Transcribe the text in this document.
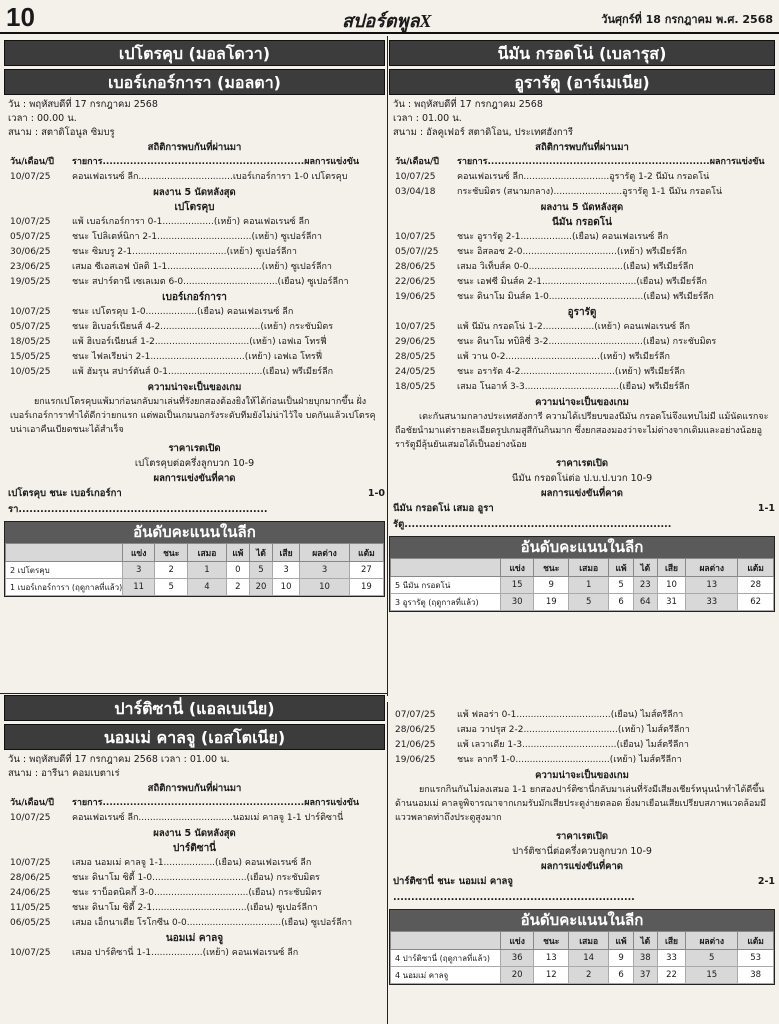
10	สปอร์ตพูลX	วันศุกร์ที่ 18 กรกฎาคม พ.ศ. 2568
เปโตรคุบ (มอลโดวา)
เบอร์เกอร์การา (มอลตา)
วัน : พฤหัสบดีที่ 17 กรกฎาคม 2568
เวลา : 00.00 น.
สนาม : สตาดิโอนูล ซิมบรู
สถิติการพบกันที่ผ่านมา
วัน/เดือน/ปี	รายการ...........................................................ผลการแข่งขัน
10/07/25	คอนเฟอเรนซ์ ลีก.................................เบอร์เกอร์การา 1-0 เปโตรคุบ
ผลงาน 5 นัดหลังสุด
เปโตรคุบ
10/07/25	แพ้ เบอร์เกอร์การา 0-1..................(เหย้า) คอนเฟอเรนซ์ ลีก
05/07/25	ชนะ โปลิเตห์นิกา 2-1.................................(เหย้า) ซูเปอร์ลีกา
30/06/25	ชนะ ซิมบรู 2-1.................................(เหย้า) ซูเปอร์ลีกา
23/06/25	เสมอ ซีเอสเอฟ บัลติ 1-1.................................(เหย้า) ซูเปอร์ลีกา
19/05/25	ชนะ สปาร์ตานี เซเลเมต 6-0.................................(เยือน) ซูเปอร์ลีกา
เบอร์เกอร์การา
10/07/25	ชนะ เปโตรคุบ 1-0..................(เยือน) คอนเฟอเรนซ์ ลีก
05/07/25	ชนะ ฮิเบอร์เนียนส์ 4-2...................................(เหย้า) กระชับมิตร
18/05/25	แพ้ ฮิเบอร์เนียนส์ 1-2.................................(เหย้า) เอฟเอ โทรฟี่
15/05/25	ชนะ ไฟลเรียน่า 2-1.................................(เหย้า) เอฟเอ โทรฟี่
10/05/25	แพ้ ฮัมรุน สปาร์ตันส์ 0-1.................................(เยือน) พรีเมียร์ลีก
ความน่าจะเป็นของเกม
ยกแรกเปโตรคุบแพ้มาก่อนกลับมาเล่นที่รังยกสองต้องยิงให้ได้ก่อนเป็นฝ่ายบุกมากขึ้น ฝั่งเบอร์เกอร์การาทำได้ดีกว่ายกแรก แต่พอเป็นเกมนอกรังระดับทีมยังไม่น่าไว้ใจ บดกันแล้วเปโตรคุบน่าเอาคืนเบียดชนะได้สำเร็จ
ราคาเรตเปิด
เปโตรคุบต่อครึ่งลูกบวก 10-9
ผลการแข่งขันที่คาด
เปโตรคุบ ชนะ เบอร์เกอร์การา.....................................................................
1-0
อันดับคะแนนในลีก
	แข่ง	ชนะ	เสมอ	แพ้	ได้	เสีย	ผลต่าง	แต้ม
2 เปโตรคุบ	3	2	1	0	5	3	3	27
1 เบอร์เกอร์การา (ฤดูกาลที่แล้ว)	11	5	4	2	20	10	10	19
นีมัน กรอดโน่ (เบลารุส)
อูรารัตู (อาร์เมเนีย)
วัน : พฤหัสบดีที่ 17 กรกฎาคม 2568
เวลา : 01.00 น.
สนาม : อัลคูเฟอร์ สตาดิโอน, ประเทศฮังการี
สถิติการพบกันที่ผ่านมา
วัน/เดือน/ปี	รายการ.................................................................ผลการแข่งขัน
10/07/25	คอนเฟอเรนซ์ ลีก..............................อูรารัตู 1-2 นีมัน กรอดโน่
03/04/18	กระชับมิตร (สนามกลาง)........................อูรารัตู 1-1 นีมัน กรอดโน่
ผลงาน 5 นัดหลังสุด
นีมัน กรอดโน่
10/07/25	ชนะ อูรารัตู 2-1..................(เยือน) คอนเฟอเรนซ์ ลีก
05/07//25	ชนะ อิสลอช 2-0.................................(เหย้า) พรีเมียร์ลีก
28/06/25	เสมอ วิเท็บส์ค 0-0.................................(เยือน) พรีเมียร์ลีก
22/06/25	ชนะ เอฟซี มินส์ค 2-1.................................(เยือน) พรีเมียร์ลีก
19/06/25	ชนะ ดินาโม มินส์ค 1-0.................................(เยือน) พรีเมียร์ลีก
อูรารัตู
10/07/25	แพ้ นีมัน กรอดโน่ 1-2..................(เหย้า) คอนเฟอเรนซ์ ลีก
29/06/25	ชนะ ดินาโม ทบิลิซี่ 3-2.................................(เยือน) กระชับมิตร
28/05/25	แพ้ วาน 0-2.................................(เหย้า) พรีเมียร์ลีก
24/05/25	ชนะ อรารัต 4-2.................................(เหย้า) พรีเมียร์ลีก
18/05/25	เสมอ โนอาห์ 3-3.................................(เยือน) พรีเมียร์ลีก
ความน่าจะเป็นของเกม
เตะกันสนามกลางประเทศฮังการี ความได้เปรียบของนีมัน กรอดโน่จึงแทบไม่มี แม้นัดแรกจะถือชัยนำมาแต่รายละเอียดรูปเกมสูสีกันกินมาก ซึ่งยกสองมองว่าจะไม่ต่างจากเดิมและอย่างน้อยอูรารัตูมีลุ้นยันเสมอได้เป็นอย่างน้อย
ราคาเรตเปิด
นีมัน กรอดโน่ต่อ ป.บ.ป.บวก 10-9
ผลการแข่งขันที่คาด
นีมัน กรอดโน่ เสมอ อูรารัตู..........................................................................
1-1
อันดับคะแนนในลีก
	แข่ง	ชนะ	เสมอ	แพ้	ได้	เสีย	ผลต่าง	แต้ม
5 นีมัน กรอดโน่	15	9	1	5	23	10	13	28
3 อูรารัตู (ฤดูกาลที่แล้ว)	30	19	5	6	64	31	33	62
ปาร์ติซานี่ (แอลเบเนีย)
นอมเม่ คาลจู (เอสโตเนีย)
วัน : พฤหัสบดีที่ 17 กรกฎาคม 2568 เวลา : 01.00 น.
สนาม : อารีนา คอมเบตาเร่
สถิติการพบกันที่ผ่านมา
วัน/เดือน/ปี	รายการ...........................................................ผลการแข่งขัน
10/07/25	คอนเฟอเรนซ์ ลีก.................................นอมเม่ คาลจู 1-1 ปาร์ติซานี่
ผลงาน 5 นัดหลังสุด
ปาร์ติซานี่
10/07/25	เสมอ นอมเม่ คาลจู 1-1..................(เยือน) คอนเฟอเรนซ์ ลีก
28/06/25	ชนะ ดินาโม ซิตี้ 1-0.................................(เยือน) กระชับมิตร
24/06/25	ชนะ ราบ็อตนิคกี้ 3-0.................................(เยือน) กระชับมิตร
11/05/25	ชนะ ดินาโม ซิตี้ 2-1.................................(เยือน) ซูเปอร์ลีกา
06/05/25	เสมอ เอ็กนาเตีย โรโกซีน 0-0.................................(เยือน) ซูเปอร์ลีกา
นอมเม่ คาลจู
10/07/25	เสมอ ปาร์ติซานี่ 1-1..................(เหย้า) คอนเฟอเรนซ์ ลีก
07/07/25	แพ้ ฟลอร่า 0-1.................................(เยือน) ไมส์ตรีลีกา
28/06/25	เสมอ วาปรุส 2-2.................................(เหย้า) ไมส์ตรีลีกา
21/06/25	แพ้ เลวาเดีย 1-3.................................(เยือน) ไมส์ตรีลีกา
19/06/25	ชนะ ลากรี 1-0.................................(เหย้า) ไมส์ตรีลีกา
ความน่าจะเป็นของเกม
ยกแรกกินกันไม่ลงเสมอ 1-1 ยกสองปาร์ติซานี่กลับมาเล่นที่รังมีเสียงเชียร์หนุนนำทำได้ดีขึ้น ด้านนอมเม่ คาลจูพิจารณาจากเกมรับมักเสียประตูง่ายตลอด ยิ่งมาเยือนเสียเปรียบสภาพแวดล้อมมีแววพลาดท่าถึงประตูสูงมาก
ราคาเรตเปิด
ปาร์ติซานี่ต่อครึ่งควบลูกบวก 10-9
ผลการแข่งขันที่คาด
ปาร์ติซานี่ ชนะ นอมเม่ คาลจู ...................................................................
2-1
อันดับคะแนนในลีก
	แข่ง	ชนะ	เสมอ	แพ้	ได้	เสีย	ผลต่าง	แต้ม
4 ปาร์ติซานี่ (ฤดูกาลที่แล้ว)	36	13	14	9	38	33	5	53
4 นอมเม่ คาลจู	20	12	2	6	37	22	15	38
